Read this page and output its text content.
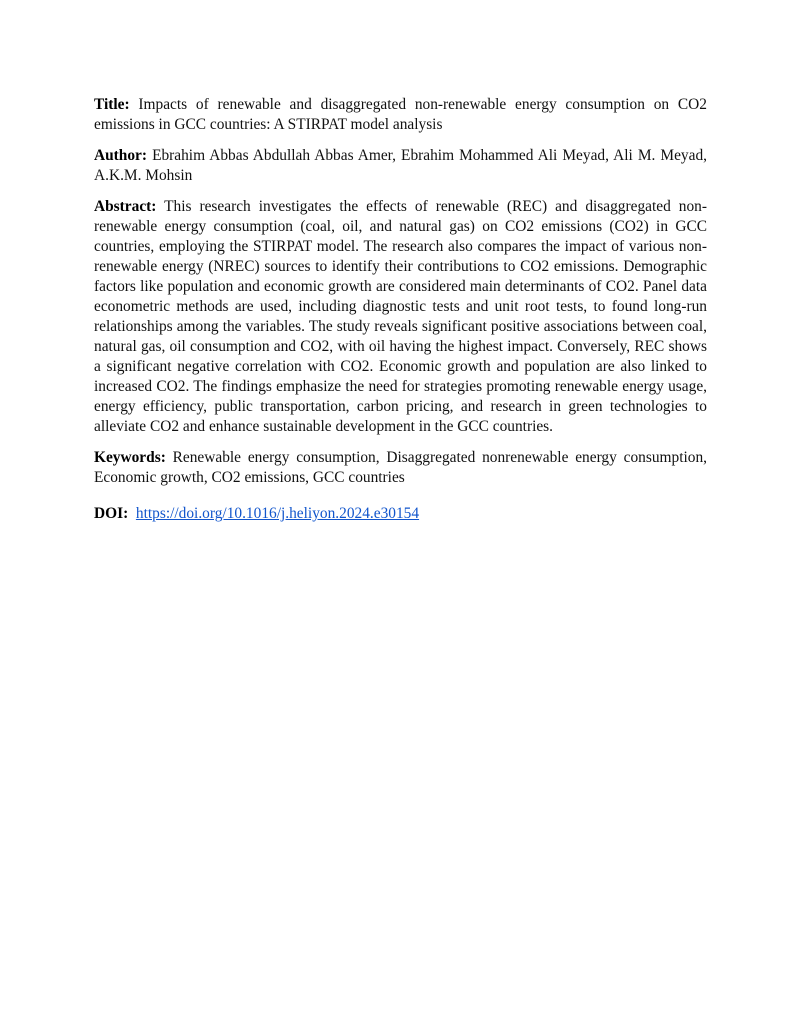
Title: Impacts of renewable and disaggregated non-renewable energy consumption on CO2 emissions in GCC countries: A STIRPAT model analysis

Author: Ebrahim Abbas Abdullah Abbas Amer, Ebrahim Mohammed Ali Meyad, Ali M. Meyad, A.K.M. Mohsin

Abstract: This research investigates the effects of renewable (REC) and disaggregated non-renewable energy consumption (coal, oil, and natural gas) on CO2 emissions (CO2) in GCC countries, employing the STIRPAT model. The research also compares the impact of various non-renewable energy (NREC) sources to identify their contributions to CO2 emissions. Demographic factors like population and economic growth are considered main determinants of CO2. Panel data econometric methods are used, including diagnostic tests and unit root tests, to found long-run relationships among the variables. The study reveals significant positive associations between coal, natural gas, oil consumption and CO2, with oil having the highest impact. Conversely, REC shows a significant negative correlation with CO2. Economic growth and population are also linked to increased CO2. The findings emphasize the need for strategies promoting renewable energy usage, energy efficiency, public transportation, carbon pricing, and research in green technologies to alleviate CO2 and enhance sustainable development in the GCC countries.

Keywords: Renewable energy consumption, Disaggregated nonrenewable energy consumption, Economic growth, CO2 emissions, GCC countries

DOI: https://doi.org/10.1016/j.heliyon.2024.e30154
